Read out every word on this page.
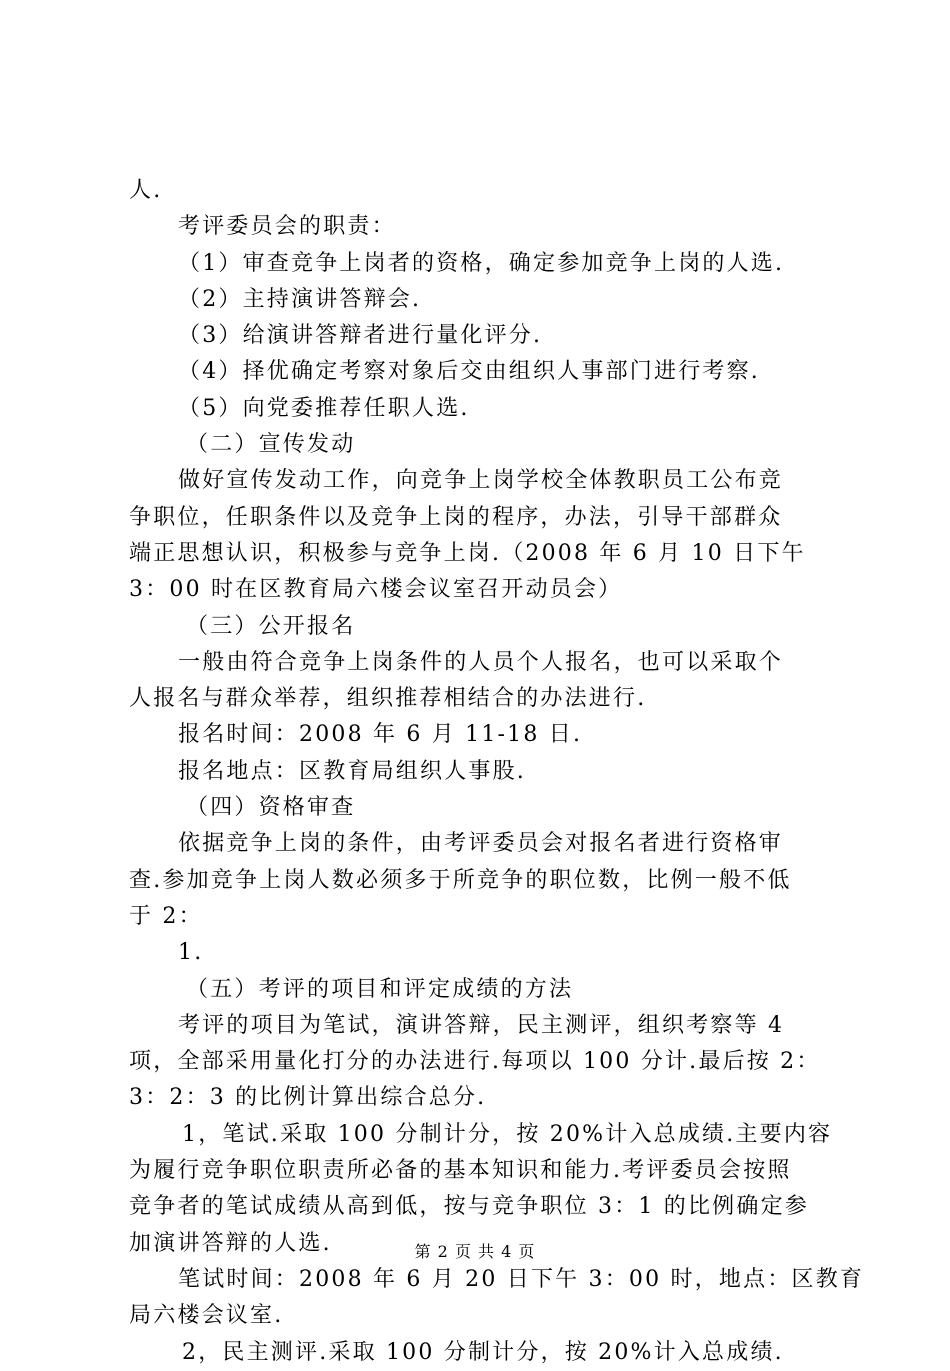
人.
考评委员会的职责：
（1）审查竞争上岗者的资格，确定参加竞争上岗的人选.
（2）主持演讲答辩会.
（3）给演讲答辩者进行量化评分.
（4）择优确定考察对象后交由组织人事部门进行考察.
（5）向党委推荐任职人选.
（二）宣传发动
做好宣传发动工作，向竞争上岗学校全体教职员工公布竞
争职位，任职条件以及竞争上岗的程序，办法，引导干部群众
端正思想认识，积极参与竞争上岗.（2008 年 6 月 10 日下午
3：00 时在区教育局六楼会议室召开动员会）
（三）公开报名
一般由符合竞争上岗条件的人员个人报名，也可以采取个
人报名与群众举荐，组织推荐相结合的办法进行.
报名时间：2008 年 6 月 11-18 日.
报名地点：区教育局组织人事股.
（四）资格审查
依据竞争上岗的条件，由考评委员会对报名者进行资格审
查.参加竞争上岗人数必须多于所竞争的职位数，比例一般不低
于 2：
1.
（五）考评的项目和评定成绩的方法
考评的项目为笔试，演讲答辩，民主测评，组织考察等 4
项，全部采用量化打分的办法进行.每项以 100 分计.最后按 2：
3：2：3 的比例计算出综合总分.
1，笔试.采取 100 分制计分，按 20%计入总成绩.主要内容
为履行竞争职位职责所必备的基本知识和能力.考评委员会按照
竞争者的笔试成绩从高到低，按与竞争职位 3：1 的比例确定参
加演讲答辩的人选.
笔试时间：2008 年 6 月 20 日下午 3：00 时，地点：区教育
局六楼会议室.
2，民主测评.采取 100 分制计分，按 20%计入总成绩.
第 2 页 共 4 页
